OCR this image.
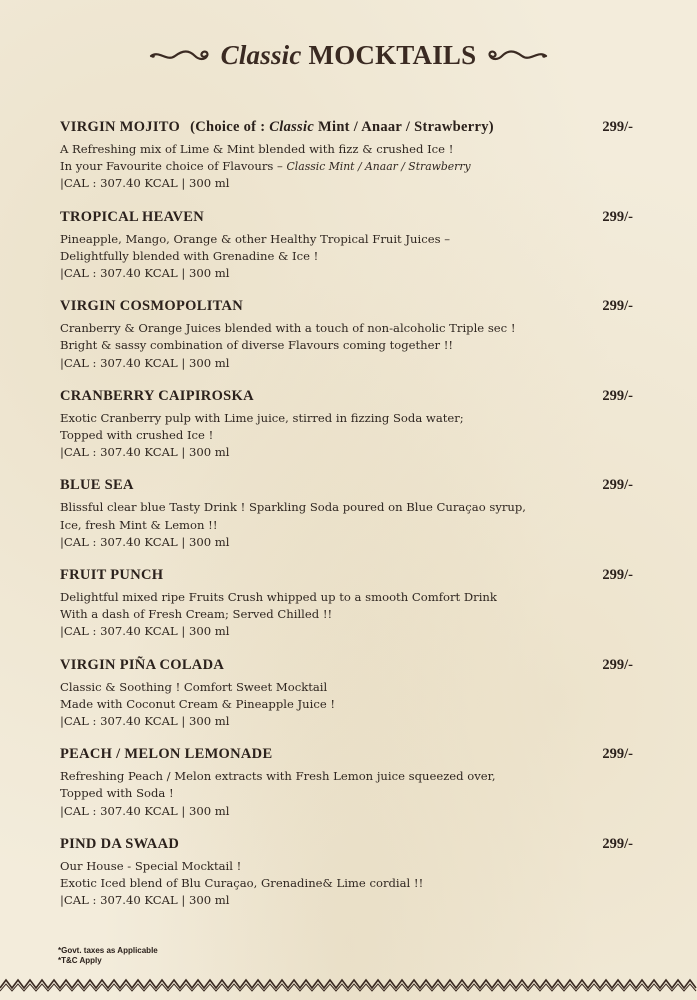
Classic MOCKTAILS
VIRGIN MOJITO (Choice of : Classic Mint / Anaar / Strawberry)	299/-
A Refreshing mix of Lime & Mint blended with fizz & crushed Ice !
In your Favourite choice of Flavours – Classic Mint / Anaar / Strawberry
|CAL : 307.40 KCAL | 300 ml
TROPICAL HEAVEN	299/-
Pineapple, Mango, Orange & other Healthy Tropical Fruit Juices –
Delightfully blended with Grenadine & Ice !
|CAL : 307.40 KCAL | 300 ml
VIRGIN COSMOPOLITAN	299/-
Cranberry & Orange Juices blended with a touch of non-alcoholic Triple sec !
Bright & sassy combination of diverse Flavours coming together !!
|CAL : 307.40 KCAL | 300 ml
CRANBERRY CAIPIROSKA	299/-
Exotic Cranberry pulp with Lime juice, stirred in fizzing Soda water;
Topped with crushed Ice !
|CAL : 307.40 KCAL | 300 ml
BLUE SEA	299/-
Blissful clear blue Tasty Drink ! Sparkling Soda poured on Blue Curaçao syrup,
Ice, fresh Mint & Lemon !!
|CAL : 307.40 KCAL | 300 ml
FRUIT PUNCH	299/-
Delightful mixed ripe Fruits Crush whipped up to a smooth Comfort Drink
With a dash of Fresh Cream; Served Chilled !!
|CAL : 307.40 KCAL | 300 ml
VIRGIN PIÑA COLADA	299/-
Classic & Soothing ! Comfort Sweet Mocktail
Made with Coconut Cream & Pineapple Juice !
|CAL : 307.40 KCAL | 300 ml
PEACH / MELON LEMONADE	299/-
Refreshing Peach / Melon extracts with Fresh Lemon juice squeezed over,
Topped with Soda !
|CAL : 307.40 KCAL | 300 ml
PIND DA SWAAD	299/-
Our House - Special Mocktail !
Exotic Iced blend of Blu Curaçao, Grenadine& Lime cordial !!
|CAL : 307.40 KCAL | 300 ml
*Govt. taxes as Applicable
*T&C Apply
